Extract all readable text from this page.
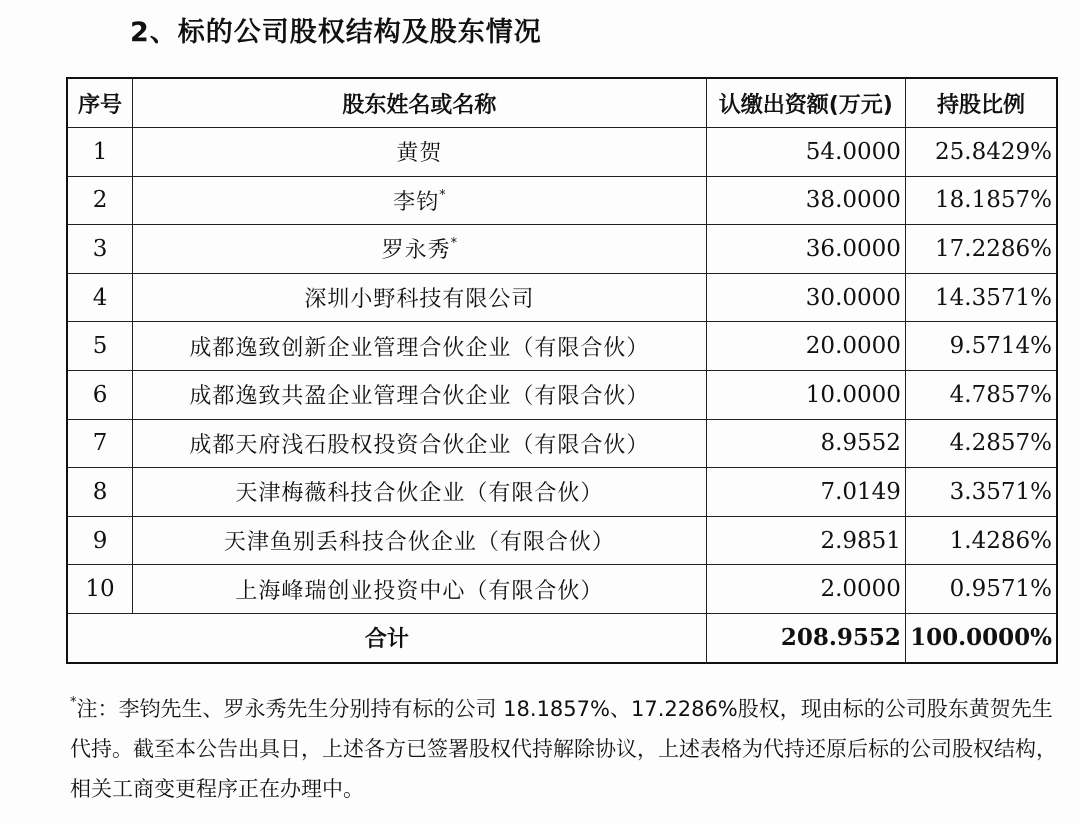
2、标的公司股权结构及股东情况
序号	股东姓名或名称	认缴出资额(万元)	持股比例
1	黄贺	54.0000	25.8429%
2	李钧*	38.0000	18.1857%
3	罗永秀*	36.0000	17.2286%
4	深圳小野科技有限公司	30.0000	14.3571%
5	成都逸致创新企业管理合伙企业（有限合伙）	20.0000	9.5714%
6	成都逸致共盈企业管理合伙企业（有限合伙）	10.0000	4.7857%
7	成都天府浅石股权投资合伙企业（有限合伙）	8.9552	4.2857%
8	天津梅薇科技合伙企业（有限合伙）	7.0149	3.3571%
9	天津鱼别丢科技合伙企业（有限合伙）	2.9851	1.4286%
10	上海峰瑞创业投资中心（有限合伙）	2.0000	0.9571%
合计		208.9552	100.0000%

*注：李钧先生、罗永秀先生分别持有标的公司 18.1857%、17.2286%股权，现由标的公司股东黄贺先生代持。截至本公告出具日，上述各方已签署股权代持解除协议，上述表格为代持还原后标的公司股权结构，相关工商变更程序正在办理中。
